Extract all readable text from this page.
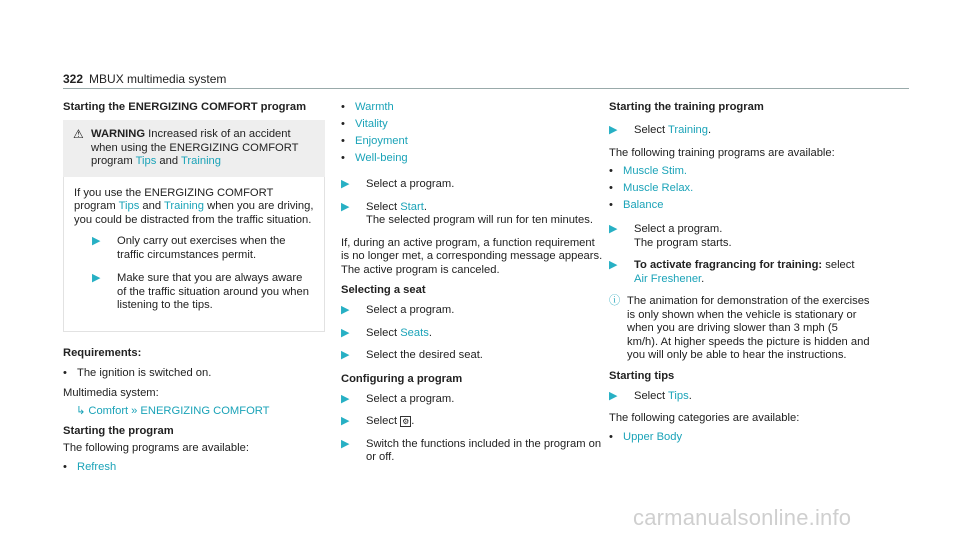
322 MBUX multimedia system
Starting the ENERGIZING COMFORT program
⚠ WARNING Increased risk of an accident when using the ENERGIZING COMFORT program Tips and Training

If you use the ENERGIZING COMFORT program Tips and Training when you are driving, you could be distracted from the traffic situation.

▶ Only carry out exercises when the traffic circumstances permit.
▶ Make sure that you are always aware of the traffic situation around you when listening to the tips.
Requirements:
• The ignition is switched on.

Multimedia system:

↳ Comfort » ENERGIZING COMFORT
Starting the program

The following programs are available:

• Refresh
• Warmth
• Vitality
• Enjoyment
• Well-being
▶ Select a program.
▶ Select Start.
The selected program will run for ten minutes.

If, during an active program, a function requirement is no longer met, a corresponding message appears. The active program is canceled.

Selecting a seat
▶ Select a program.
▶ Select Seats.
▶ Select the desired seat.
Configuring a program
▶ Select a program.
▶ Select ⚙ .
▶ Switch the functions included in the program on or off.
Starting the training program
▶ Select Training.

The following training programs are available:

• Muscle Stim.
• Muscle Relax.
• Balance
▶ Select a program.
The program starts.
▶ To activate fragrancing for training: select
Air Freshener.
ⓘ The animation for demonstration of the exercises is only shown when the vehicle is stationary or when you are driving slower than 3 mph (5 km/h). At higher speeds the picture is hidden and you will only be able to hear the instructions.
Starting tips
▶ Select Tips.

The following categories are available:

• Upper Body
carmanualsonline.info
